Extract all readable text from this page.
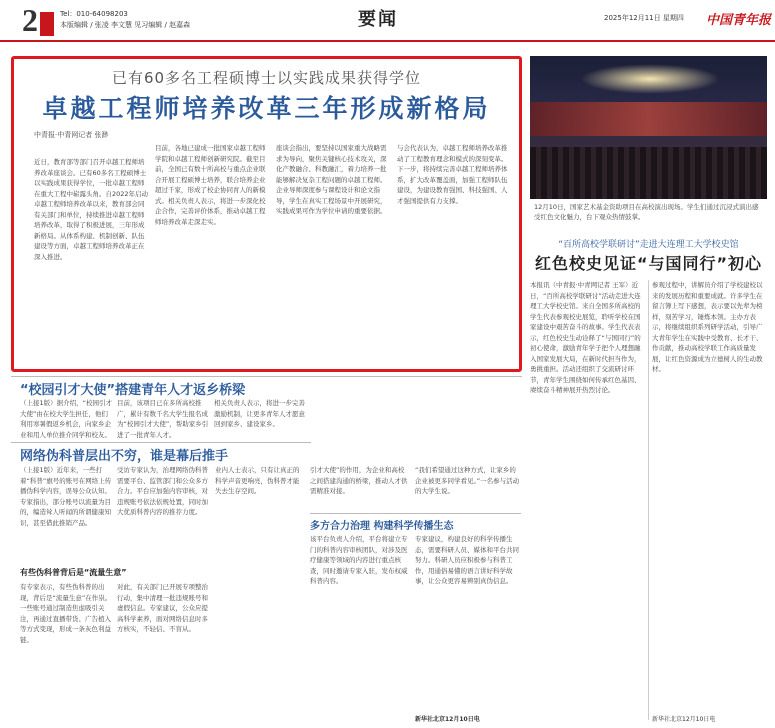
2	Tel：010-64098203
本版编辑 / 张凌 李文慧 见习编辑 / 赵嘉森	要闻	2025年12月11日 星期四 中国青年报
已有60多名工程硕博士以实践成果获得学位
卓越工程师培养改革三年形成新格局
中青报·中青网记者 张渺
近日，教育部等部门召开卓越工程师培养改革座谈会。已有60多名工程硕博士以实践成果获得学位，一批卓越工程师在重大工程中崭露头角。自2022年启动卓越工程师培养改革以来，教育部会同有关部门和单位，持续推进卓越工程师培养改革，取得了积极进展，三年形成新格局。从体系构建、机制创新、队伍建设等方面，卓越工程师培养改革正在深入推进。
目前，各地已建成一批国家卓越工程师学院和卓越工程师创新研究院。截至目前，全国已有数十所高校与重点企业联合开展工程硕博士培养，联合培养企业超过千家，形成了校企协同育人的新模式。相关负责人表示，将进一步深化校企合作，完善评价体系，推动卓越工程师培养改革走深走实。
座谈会指出，要坚持以国家重大战略需求为导向，聚焦关键核心技术攻关，深化产教融合、科教融汇，着力培养一批能够解决复杂工程问题的卓越工程师。企业导师深度参与课程设计和论文指导，学生在真实工程场景中开展研究，实践成果可作为学位申请的重要依据。
与会代表认为，卓越工程师培养改革推动了工程教育理念和模式的深刻变革。下一步，将持续完善卓越工程师培养体系，扩大改革覆盖面，加强工程师队伍建设，为建设教育强国、科技强国、人才强国提供有力支撑。
12月10日，国家艺术基金资助项目在高校演出现场。学生们通过沉浸式演出感受红色文化魅力，台下观众热情鼓掌。
“百所高校学联研讨”走进大连理工大学校史馆
红色校史见证“与国同行”初心
本报讯（中青报·中青网记者 王军）近日，“百所高校学联研讨”活动走进大连理工大学校史馆。来自全国多所高校的学生代表参观校史展览，聆听学校在国家建设中艰苦奋斗的故事。学生代表表示，红色校史生动诠释了“与国同行”的初心使命，激励青年学子把个人理想融入国家发展大局，在新时代担当作为，勇挑重担。活动还组织了交流研讨环节，青年学生围绕如何传承红色基因、赓续奋斗精神展开热烈讨论。
参观过程中，讲解员介绍了学校建校以来的发展历程和重要成就。许多学生在留言簿上写下感想，表示要以先辈为榜样，刻苦学习，锤炼本领。主办方表示，将继续组织系列研学活动，引导广大青年学生在实践中受教育、长才干、作贡献，推动高校学联工作高质量发展，让红色资源成为立德树人的生动教材。
新华社北京12月10日电
“校园引才大使”搭建青年人才返乡桥梁
（上接1版）据介绍，“校园引才大使”由在校大学生担任，他们利用寒暑假返乡机会，向家乡企业和用人单位推介同学和校友。
目前，该项目已在多所高校推广，累计有数千名大学生报名成为“校园引才大使”，帮助家乡引进了一批青年人才。
相关负责人表示，将进一步完善激励机制，让更多青年人才愿意回到家乡、建设家乡。
网络伪科普层出不穷，谁是幕后推手
（上接1版）近年来，一些打着“科普”旗号的账号在网络上传播伪科学内容，误导公众认知。专家指出，部分账号以流量为目的，编造耸人听闻的所谓健康知识，甚至借此推销产品。
受访专家认为，治理网络伪科普需要平台、监管部门和公众多方合力。平台应加强内容审核，对违规账号依法依规处置，同时加大优质科普内容的推荐力度。
有些伪科普背后是“流量生意”
有专家表示，有些伪科普的出现，背后是“流量生意”在作祟。一些账号通过制造焦虑吸引关注，再通过直播带货、广告植入等方式变现，形成一条灰色利益链。
对此，有关部门已开展专项整治行动，集中清理一批违规账号和虚假信息。专家建议，公众应提高科学素养，面对网络信息时多方核实，不轻信、不盲从。
业内人士表示，只有让真正的科学声音更响亮，伪科普才能失去生存空间。
引才大使”的作用，为企业和高校之间搭建沟通的桥梁，推动人才供需精准对接。
“我们希望通过这种方式，让家乡的企业被更多同学看见。”一名参与活动的大学生说。
多方合力治理 构建科学传播生态
该平台负责人介绍，平台将建立专门的科普内容审核团队，对涉及医疗健康等领域的内容进行重点核查，同时邀请专家入驻，发布权威科普内容。
专家建议，构建良好的科学传播生态，需要科研人员、媒体和平台共同努力。科研人员应积极参与科普工作，用通俗易懂的语言讲好科学故事，让公众更容易辨别真伪信息。
新华社北京12月10日电
